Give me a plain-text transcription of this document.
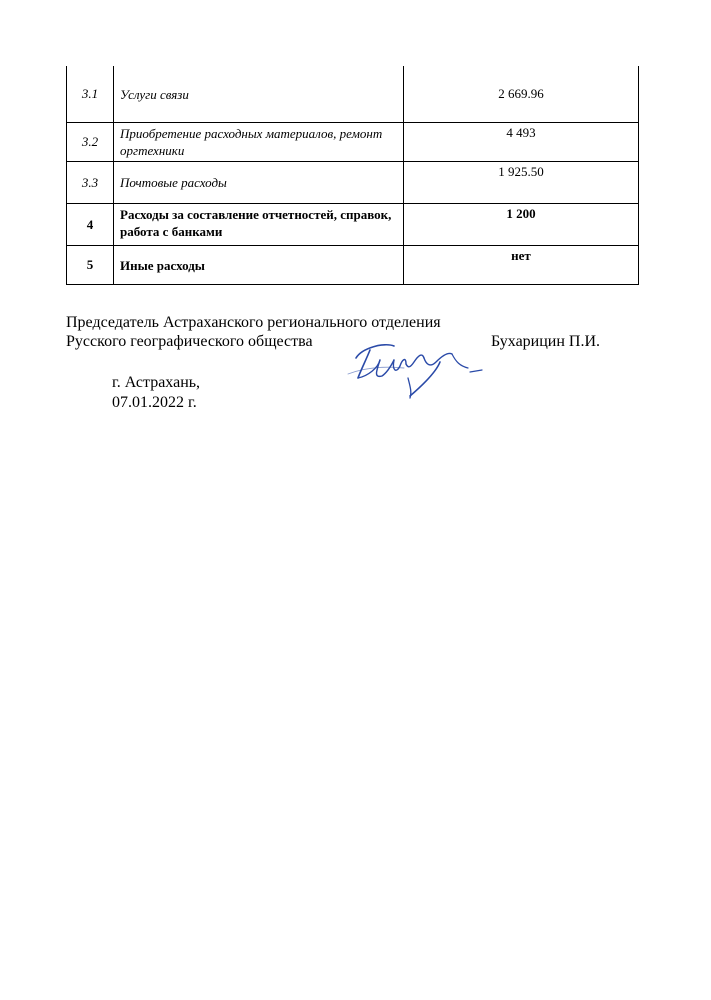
3.1	Услуги связи	2 669.96
3.2	Приобретение расходных материалов, ремонт оргтехники	4 493
3.3	Почтовые расходы	1 925.50
4	Расходы за составление отчетностей, справок, работа с банками	1 200
5	Иные расходы	нет
Председатель Астраханского регионального отделения
Русского географического общества	Бухарицин П.И.
г. Астрахань,
07.01.2022 г.
